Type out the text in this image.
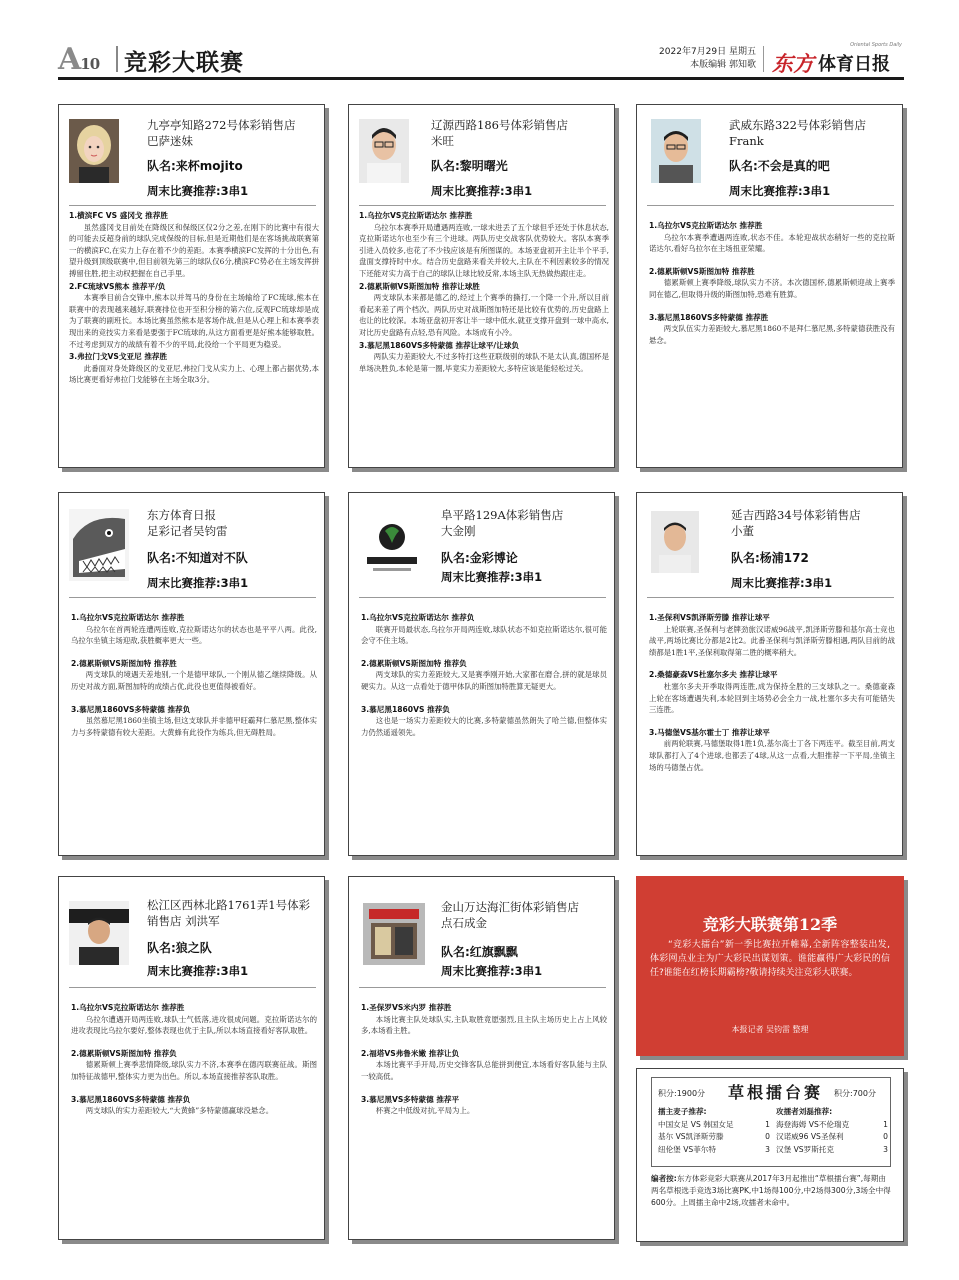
A10 竞彩大联赛	2022年7月29日 星期五
本版编辑 郭知歌
Oriental Sports Daily
东方 体育日报
九亭亭知路272号体彩销售店
巴萨迷妹
队名:来杯mojito
周末比赛推荐:3串1
1.横滨FC VS 盛冈戈 推荐胜
虽然盛冈戈目前处在降级区和保级区仅2分之差,在刚下的比赛中有很大的可能去反超身前的球队完成保级的目标,但是近期他们是在客场挑战联赛第一的横滨FC,在实力上存在着不少的差距。本赛季横滨FC发挥的十分出色,有望升级到顶级联赛中,但目前领先第三的球队仅6分,横滨FC势必在主场发挥拼搏留住胜,把主动权把握在自己手里。
2.FC琉球VS熊本 推荐平/负
本赛季目前合交锋中,熊本以并驾马的身份在主场输给了FC琉球,熊本在联赛中的表现越来越好,联赛排位也开至积分榜的第六位,反观FC琉球却是成为了联赛的副班长。本场比赛虽然熊本是客场作战,但是从心理上和本赛季表现出来的竞技实力来看是要强于FC琉球的,从这方面看更是好熊本能够取胜。不过考虑到双方的战绩有着不少的平局,此役给一个平局更为稳妥。
3.弗拉门戈VS戈亚尼 推荐胜
此番面对身处降级区的戈亚尼,弗拉门戈从实力上、心理上都占据优势,本场比赛更看好弗拉门戈能够在主场全取3分。
辽源西路186号体彩销售店
米旺
队名:黎明曙光
周末比赛推荐:3串1
1.乌拉尔VS克拉斯诺达尔 推荐胜
乌拉尔本赛季开局遭遇两连败,一球未进丢了五个球但乎还处于休息状态,克拉斯诺达尔也至少有三个进球。两队历史交战客队优势较大。客队本赛季引进入员较多,也花了不少钱应该是有所图谋的。本场亚盘初开主让半个平手,盘面支撑持时中水。结合历史盘路来看关并较大,主队在不利因素较多的情况下还能对实力高于自己的球队让球比较反常,本场主队无热做热跟庄走。
2.德累斯顿VS斯图加特 推荐让球胜
两支球队本来都是德乙的,经过上个赛季的撕打,一个降一个升,所以目前看起来差了两个档次。两队历史对战斯图加特还是比较有优势的,历史盘路上也让的比较深。本场亚盘初开客让半一球中低水,就亚支撑开盘到一球中高水,对比历史盘路有点轻,恐有风险。本场成有小冷。
3.慕尼黑1860VS多特蒙德 推荐让球平/让球负
两队实力差距较大,不过多特打这些亚联级别的球队不是太认真,德国杯是单场决胜负,本轮是第一圈,毕竟实力差距较大,多特应该是能轻松过关。
武威东路322号体彩销售店
Frank
队名:不会是真的吧
周末比赛推荐:3串1
1.乌拉尔VS克拉斯诺达尔 推荐胜
乌拉尔本赛季遭遇两连败,状态不佳。本轮迎战状态稍好一些的克拉斯诺达尔,看好乌拉尔在主场扭亚荣耀。
2.德累斯顿VS斯图加特 推荐胜
德累斯顿上赛季降级,球队实力不济。本次德国杯,德累斯顿迎战上赛季同在德乙,但取得升级的斯图加特,恐难有胜算。
3.慕尼黑1860VS多特蒙德 推荐胜
两支队伍实力差距较大,慕尼黑1860不是拜仁慕尼黑,多特蒙德获胜没有悬念。
东方体育日报
足彩记者吴钧雷
队名:不知道对不队
周末比赛推荐:3串1
1.乌拉尔VS克拉斯诺达尔 推荐胜
乌拉尔在首两轮连遭两连败,克拉斯诺达尔的状态也是平平八两。此役,乌拉尔坐镇主场迎敌,获胜概率更大一些。
2.德累斯顿VS斯图加特 推荐胜
两支球队的境遇天差地别,一个是德甲球队,一个刚从德乙继续降级。从历史对战方面,斯图加特的成绩占优,此役也更值得被看好。
3.慕尼黑1860VS多特蒙德 推荐负
虽然慕尼黑1860坐镇主场,但这支球队并非德甲旺霸拜仁慕尼黑,整体实力与多特蒙德有较大差距。大黄蜂有此役作为练兵,但无碍胜局。
阜平路129A体彩销售店
大金刚
队名:金彩博论
周末比赛推荐:3串1
1.乌拉尔VS克拉斯诺达尔 推荐负
联赛开局最状态,乌拉尔开局两连败,球队状态不如克拉斯诺达尔,很可能会守不住主场。
2.德累斯顿VS斯图加特 推荐负
两支球队的实力差距较大,又是赛季刚开始,大家都在磨合,拼的就是球员硬实力。从这一点看处于德甲体队的斯图加特胜算无疑更大。
3.慕尼黑1860VS 推荐负
这也是一场实力差距较大的比赛,多特蒙德虽然朗失了哈兰德,但整体实力仍然遥遥领先。
延吉西路34号体彩销售店
小董
队名:杨浦172
周末比赛推荐:3串1
1.圣保利VS凯泽斯劳滕 推荐让球平
上轮联赛,圣保利与老牌劲旅汉诺威96战平,凯泽斯劳滕和基尔高士竞也战平,两场比赛比分都是2比2。此番圣保利与凯泽斯劳滕相遇,两队目前的战绩都是1胜1平,圣保利取得第二胜的概率稍大。
2.桑德豪森VS杜塞尔多夫 推荐让球平
杜塞尔多夫开季取得两连胜,成为保持全胜的三支球队之一。桑德豪森上轮在客场遭遇失利,本轮回到主场势必会全力一战,杜塞尔多夫有可能错失三连胜。
3.马德堡VS基尔霍士丁 推荐让球平
前两轮联赛,马德堡取得1胜1负,基尔高士丁各下两连平。截至目前,两支球队都打入了4个进球,也都丢了4球,从这一点看,大胆推荐一下平局,坐镇主场的马德堡占优。
松江区西林北路1761弄1号体彩销售店 刘洪军
队名:狼之队
周末比赛推荐:3串1
1.乌拉尔VS克拉斯诺达尔 推荐胜
乌拉尔遭遇开局两连败,球队士气低落,进攻很成问题。克拉斯诺达尔的进攻表现比乌拉尔要好,整体表现也优于主队,所以本场直接看好客队取胜。
2.德累斯顿VS斯图加特 推荐负
德累斯顿上赛季悲情降级,球队实力不济,本赛季在德丙联赛征战。斯图加特征战德甲,整体实力更为出色。所以,本场直接推荐客队取胜。
3.慕尼黑1860VS多特蒙德 推荐负
两支球队的实力差距较大,“大黄蜂”多特蒙德赢球没悬念。
金山万达海汇街体彩销售店
点石成金
队名:红旗飘飘
周末比赛推荐:3串1
1.圣保罗VS米内罗 推荐胜
本场比赛主队处球队实,主队取胜竟愿强烈,且主队主场历史上占上风较多,本场看主胜。
2.福塔VS弗鲁米嫩 推荐让负
本场比赛平手开局,历史交锋客队总能拼到便宜,本场看好客队能与主队一较高低。
3.慕尼黑VS多特蒙德 推荐平
杯赛之中低级对抗,平局为上。
竞彩大联赛第12季
“竞彩大擂台”新一季比赛拉开帷幕,全新阵容整装出发,体彩网点业主为广大彩民出谋划策。谁能赢得广大彩民的信任?谁能在红榜长期霸榜?敬请持续关注竞彩大联赛。
本报记者 吴钧雷 整理
积分:1900分 草根擂台赛 积分:700分
擂主麦子推荐:
中国女足 VS 韩国女足	1
基尔 VS凯泽斯劳滕	0
纽伦堡 VS菲尔特	3
攻擂者刘磊推荐:
海登海姆 VS不伦瑞克	1
汉诺威96 VS圣保利	0
汉堡 VS罗斯托克	3
编者按:东方体彩竞彩大联赛从2017年3月起推出“草根擂台赛”,每期由两名草根选手竞选3场比赛PK,中1场得100分,中2场得300分,3场全中得600分。上周擂主命中2场,攻擂者未命中。
